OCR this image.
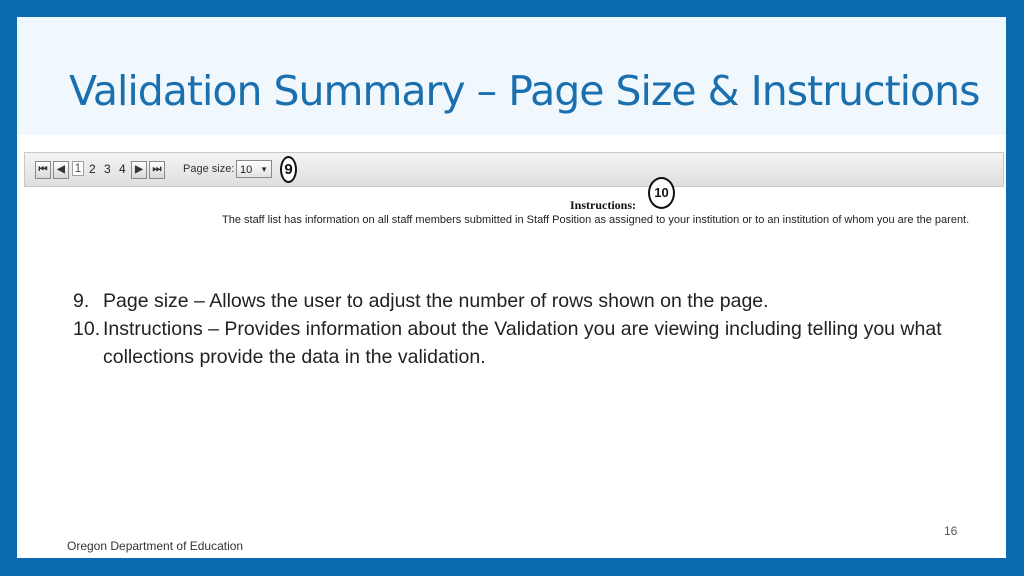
Validation Summary – Page Size & Instructions
⏮ ◀ 1 2 3 4 ▶ ⏭	Page size: 10 ▼ 9
10
Instructions:
The staff list has information on all staff members submitted in Staff Position as assigned to your institution or to an institution of whom you are the parent.
9. Page size – Allows the user to adjust the number of rows shown on the page.
10. Instructions – Provides information about the Validation you are viewing including telling you what collections provide the data in the validation.
Oregon Department of Education
16
